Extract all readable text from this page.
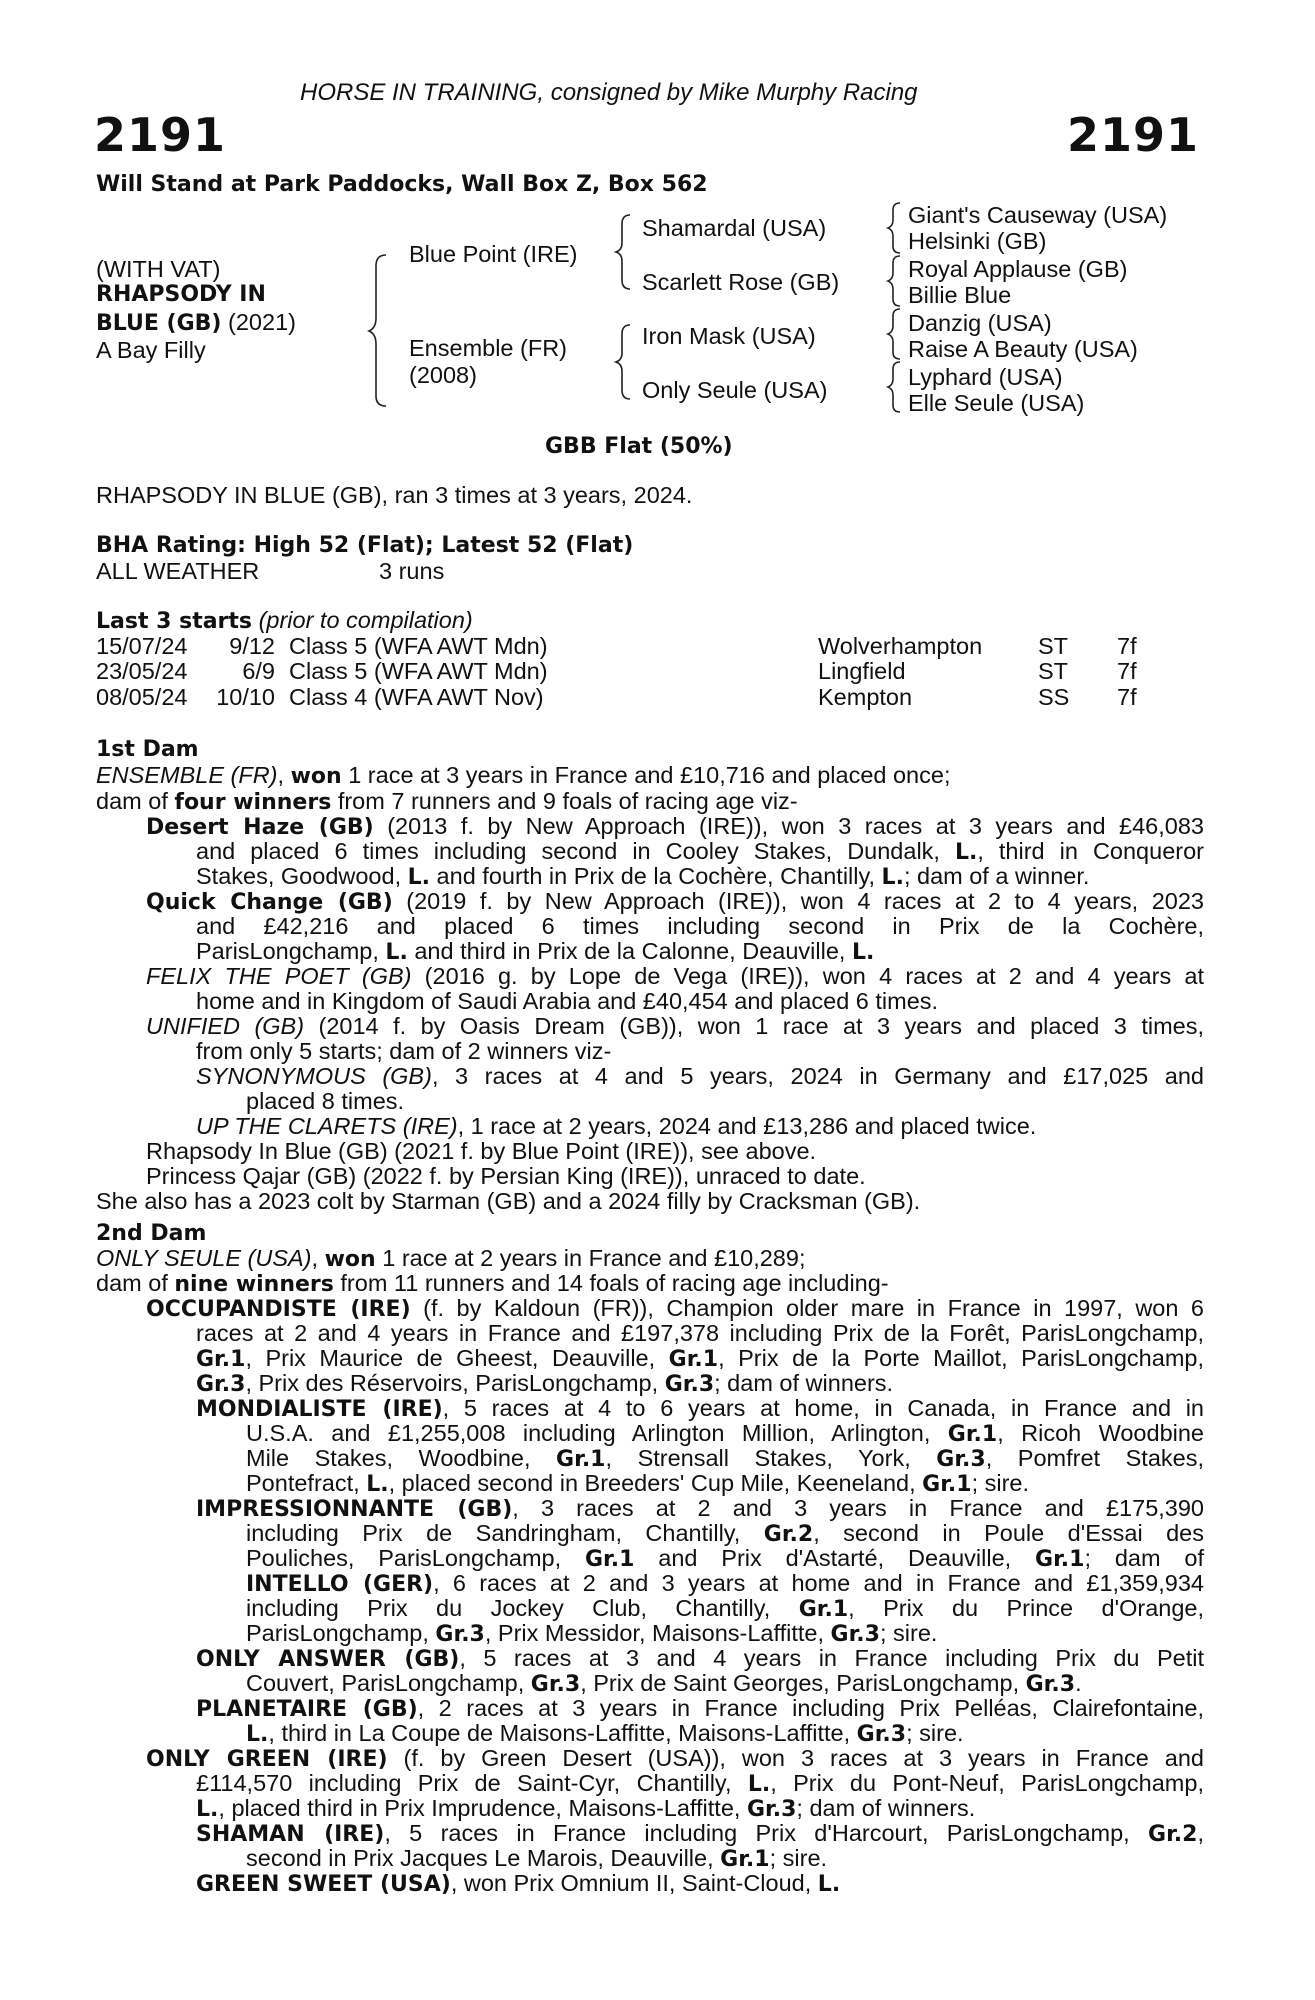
HORSE IN TRAINING, consigned by Mike Murphy Racing
2191	2191
Will Stand at Park Paddocks, Wall Box Z, Box 562
(WITH VAT)
RHAPSODY IN
BLUE (GB) (2021)
A Bay Filly
Blue Point (IRE)
Ensemble (FR)
(2008)
Shamardal (USA)
Scarlett Rose (GB)
Iron Mask (USA)
Only Seule (USA)
Giant's Causeway (USA)
Helsinki (GB)
Royal Applause (GB)
Billie Blue
Danzig (USA)
Raise A Beauty (USA)
Lyphard (USA)
Elle Seule (USA)
GBB Flat (50%)
RHAPSODY IN BLUE (GB), ran 3 times at 3 years, 2024.
BHA Rating: High 52 (Flat); Latest 52 (Flat)
ALL WEATHER	3 runs
Last 3 starts (prior to compilation)
15/07/24 9/12 Class 5 (WFA AWT Mdn)	Wolverhampton ST 7f
23/05/24 6/9 Class 5 (WFA AWT Mdn)	Lingfield	ST 7f
08/05/24 10/10 Class 4 (WFA AWT Nov)	Kempton	SS 7f
1st Dam
ENSEMBLE (FR), won 1 race at 3 years in France and £10,716 and placed once;
dam of four winners from 7 runners and 9 foals of racing age viz-
Desert Haze (GB) (2013 f. by New Approach (IRE)), won 3 races at 3 years and £46,083
and placed 6 times including second in Cooley Stakes, Dundalk, L., third in Conqueror
Stakes, Goodwood, L. and fourth in Prix de la Cochère, Chantilly, L.; dam of a winner.
Quick Change (GB) (2019 f. by New Approach (IRE)), won 4 races at 2 to 4 years, 2023
and £42,216 and placed 6 times including second in Prix de la Cochère,
ParisLongchamp, L. and third in Prix de la Calonne, Deauville, L.
FELIX THE POET (GB) (2016 g. by Lope de Vega (IRE)), won 4 races at 2 and 4 years at
home and in Kingdom of Saudi Arabia and £40,454 and placed 6 times.
UNIFIED (GB) (2014 f. by Oasis Dream (GB)), won 1 race at 3 years and placed 3 times,
from only 5 starts; dam of 2 winners viz-
SYNONYMOUS (GB), 3 races at 4 and 5 years, 2024 in Germany and £17,025 and
placed 8 times.
UP THE CLARETS (IRE), 1 race at 2 years, 2024 and £13,286 and placed twice.
Rhapsody In Blue (GB) (2021 f. by Blue Point (IRE)), see above.
Princess Qajar (GB) (2022 f. by Persian King (IRE)), unraced to date.
She also has a 2023 colt by Starman (GB) and a 2024 filly by Cracksman (GB).
2nd Dam
ONLY SEULE (USA), won 1 race at 2 years in France and £10,289;
dam of nine winners from 11 runners and 14 foals of racing age including-
OCCUPANDISTE (IRE) (f. by Kaldoun (FR)), Champion older mare in France in 1997, won 6
races at 2 and 4 years in France and £197,378 including Prix de la Forêt, ParisLongchamp,
Gr.1, Prix Maurice de Gheest, Deauville, Gr.1, Prix de la Porte Maillot, ParisLongchamp,
Gr.3, Prix des Réservoirs, ParisLongchamp, Gr.3; dam of winners.
MONDIALISTE (IRE), 5 races at 4 to 6 years at home, in Canada, in France and in
U.S.A. and £1,255,008 including Arlington Million, Arlington, Gr.1, Ricoh Woodbine
Mile Stakes, Woodbine, Gr.1, Strensall Stakes, York, Gr.3, Pomfret Stakes,
Pontefract, L., placed second in Breeders' Cup Mile, Keeneland, Gr.1; sire.
IMPRESSIONNANTE (GB), 3 races at 2 and 3 years in France and £175,390
including Prix de Sandringham, Chantilly, Gr.2, second in Poule d'Essai des
Pouliches, ParisLongchamp, Gr.1 and Prix d'Astarté, Deauville, Gr.1; dam of
INTELLO (GER), 6 races at 2 and 3 years at home and in France and £1,359,934
including Prix du Jockey Club, Chantilly, Gr.1, Prix du Prince d'Orange,
ParisLongchamp, Gr.3, Prix Messidor, Maisons-Laffitte, Gr.3; sire.
ONLY ANSWER (GB), 5 races at 3 and 4 years in France including Prix du Petit
Couvert, ParisLongchamp, Gr.3, Prix de Saint Georges, ParisLongchamp, Gr.3.
PLANETAIRE (GB), 2 races at 3 years in France including Prix Pelléas, Clairefontaine,
L., third in La Coupe de Maisons-Laffitte, Maisons-Laffitte, Gr.3; sire.
ONLY GREEN (IRE) (f. by Green Desert (USA)), won 3 races at 3 years in France and
£114,570 including Prix de Saint-Cyr, Chantilly, L., Prix du Pont-Neuf, ParisLongchamp,
L., placed third in Prix Imprudence, Maisons-Laffitte, Gr.3; dam of winners.
SHAMAN (IRE), 5 races in France including Prix d'Harcourt, ParisLongchamp, Gr.2,
second in Prix Jacques Le Marois, Deauville, Gr.1; sire.
GREEN SWEET (USA), won Prix Omnium II, Saint-Cloud, L.
